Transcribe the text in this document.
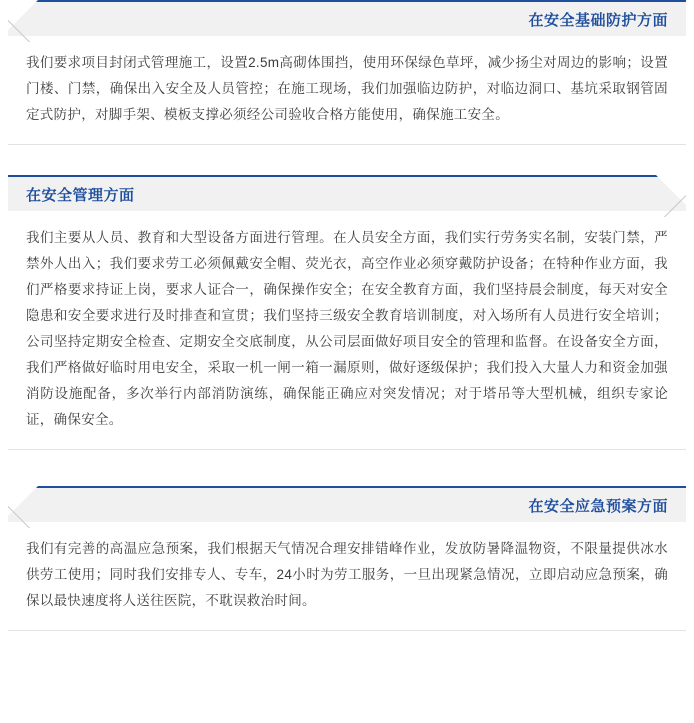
在安全基础防护方面

我们要求项目封闭式管理施工，设置2.5m高砌体围挡，使用环保绿色草坪，减少扬尘对周边的影响；设置门楼、门禁，确保出入安全及人员管控；在施工现场，我们加强临边防护，对临边洞口、基坑采取钢管固定式防护，对脚手架、模板支撑必须经公司验收合格方能使用，确保施工安全。

在安全管理方面

我们主要从人员、教育和大型设备方面进行管理。在人员安全方面，我们实行劳务实名制，安装门禁，严禁外人出入；我们要求劳工必须佩戴安全帽、荧光衣，高空作业必须穿戴防护设备；在特种作业方面，我们严格要求持证上岗，要求人证合一，确保操作安全；在安全教育方面，我们坚持晨会制度，每天对安全隐患和安全要求进行及时排查和宣贯；我们坚持三级安全教育培训制度，对入场所有人员进行安全培训；公司坚持定期安全检查、定期安全交底制度，从公司层面做好项目安全的管理和监督。在设备安全方面，我们严格做好临时用电安全，采取一机一闸一箱一漏原则，做好逐级保护；我们投入大量人力和资金加强消防设施配备，多次举行内部消防演练，确保能正确应对突发情况；对于塔吊等大型机械，组织专家论证，确保安全。

在安全应急预案方面

我们有完善的高温应急预案，我们根据天气情况合理安排错峰作业，发放防暑降温物资，不限量提供冰水供劳工使用；同时我们安排专人、专车，24小时为劳工服务，一旦出现紧急情况，立即启动应急预案，确保以最快速度将人送往医院，不耽误救治时间。
